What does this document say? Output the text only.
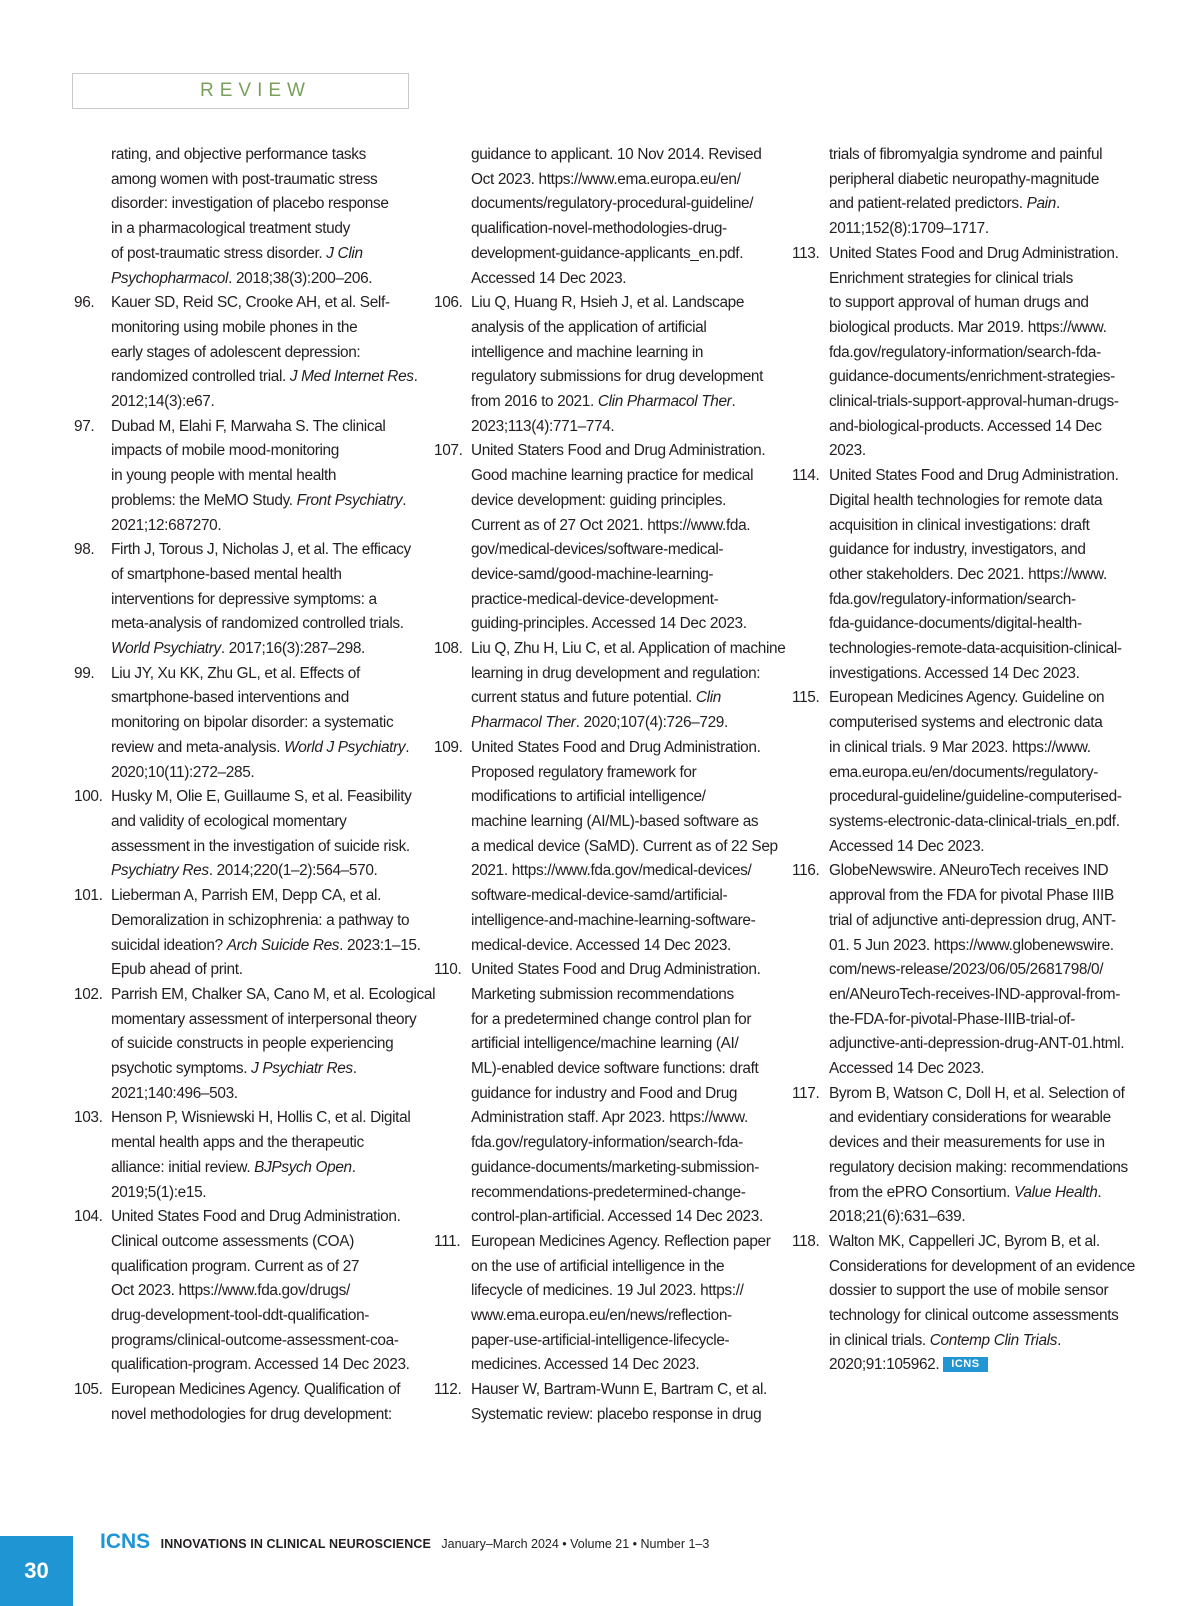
REVIEW
rating, and objective performance tasks
among women with post-traumatic stress
disorder: investigation of placebo response
in a pharmacological treatment study
of post-traumatic stress disorder. J Clin
Psychopharmacol. 2018;38(3):200–206.
96. Kauer SD, Reid SC, Crooke AH, et al. Self-
monitoring using mobile phones in the
early stages of adolescent depression:
randomized controlled trial. J Med Internet Res.
2012;14(3):e67.
97. Dubad M, Elahi F, Marwaha S. The clinical
impacts of mobile mood-monitoring
in young people with mental health
problems: the MeMO Study. Front Psychiatry.
2021;12:687270.
98. Firth J, Torous J, Nicholas J, et al. The efficacy
of smartphone-based mental health
interventions for depressive symptoms: a
meta-analysis of randomized controlled trials.
World Psychiatry. 2017;16(3):287–298.
99. Liu JY, Xu KK, Zhu GL, et al. Effects of
smartphone-based interventions and
monitoring on bipolar disorder: a systematic
review and meta-analysis. World J Psychiatry.
2020;10(11):272–285.
100. Husky M, Olie E, Guillaume S, et al. Feasibility
and validity of ecological momentary
assessment in the investigation of suicide risk.
Psychiatry Res. 2014;220(1–2):564–570.
101. Lieberman A, Parrish EM, Depp CA, et al.
Demoralization in schizophrenia: a pathway to
suicidal ideation? Arch Suicide Res. 2023:1–15.
Epub ahead of print.
102. Parrish EM, Chalker SA, Cano M, et al. Ecological
momentary assessment of interpersonal theory
of suicide constructs in people experiencing
psychotic symptoms. J Psychiatr Res.
2021;140:496–503.
103. Henson P, Wisniewski H, Hollis C, et al. Digital
mental health apps and the therapeutic
alliance: initial review. BJPsych Open.
2019;5(1):e15.
104. United States Food and Drug Administration.
Clinical outcome assessments (COA)
qualification program. Current as of 27
Oct 2023. https://www.fda.gov/drugs/
drug-development-tool-ddt-qualification-
programs/clinical-outcome-assessment-coa-
qualification-program. Accessed 14 Dec 2023.
105. European Medicines Agency. Qualification of
novel methodologies for drug development:
guidance to applicant. 10 Nov 2014. Revised
Oct 2023. https://www.ema.europa.eu/en/
documents/regulatory-procedural-guideline/
qualification-novel-methodologies-drug-
development-guidance-applicants_en.pdf.
Accessed 14 Dec 2023.
106. Liu Q, Huang R, Hsieh J, et al. Landscape
analysis of the application of artificial
intelligence and machine learning in
regulatory submissions for drug development
from 2016 to 2021. Clin Pharmacol Ther.
2023;113(4):771–774.
107. United Staters Food and Drug Administration.
Good machine learning practice for medical
device development: guiding principles.
Current as of 27 Oct 2021. https://www.fda.
gov/medical-devices/software-medical-
device-samd/good-machine-learning-
practice-medical-device-development-
guiding-principles. Accessed 14 Dec 2023.
108. Liu Q, Zhu H, Liu C, et al. Application of machine
learning in drug development and regulation:
current status and future potential. Clin
Pharmacol Ther. 2020;107(4):726–729.
109. United States Food and Drug Administration.
Proposed regulatory framework for
modifications to artificial intelligence/
machine learning (AI/ML)-based software as
a medical device (SaMD). Current as of 22 Sep
2021. https://www.fda.gov/medical-devices/
software-medical-device-samd/artificial-
intelligence-and-machine-learning-software-
medical-device. Accessed 14 Dec 2023.
110. United States Food and Drug Administration.
Marketing submission recommendations
for a predetermined change control plan for
artificial intelligence/machine learning (AI/
ML)-enabled device software functions: draft
guidance for industry and Food and Drug
Administration staff. Apr 2023. https://www.
fda.gov/regulatory-information/search-fda-
guidance-documents/marketing-submission-
recommendations-predetermined-change-
control-plan-artificial. Accessed 14 Dec 2023.
111. European Medicines Agency. Reflection paper
on the use of artificial intelligence in the
lifecycle of medicines. 19 Jul 2023. https://
www.ema.europa.eu/en/news/reflection-
paper-use-artificial-intelligence-lifecycle-
medicines. Accessed 14 Dec 2023.
112. Hauser W, Bartram-Wunn E, Bartram C, et al.
Systematic review: placebo response in drug
trials of fibromyalgia syndrome and painful
peripheral diabetic neuropathy-magnitude
and patient-related predictors. Pain.
2011;152(8):1709–1717.
113. United States Food and Drug Administration.
Enrichment strategies for clinical trials
to support approval of human drugs and
biological products. Mar 2019. https://www.
fda.gov/regulatory-information/search-fda-
guidance-documents/enrichment-strategies-
clinical-trials-support-approval-human-drugs-
and-biological-products. Accessed 14 Dec
2023.
114. United States Food and Drug Administration.
Digital health technologies for remote data
acquisition in clinical investigations: draft
guidance for industry, investigators, and
other stakeholders. Dec 2021. https://www.
fda.gov/regulatory-information/search-
fda-guidance-documents/digital-health-
technologies-remote-data-acquisition-clinical-
investigations. Accessed 14 Dec 2023.
115. European Medicines Agency. Guideline on
computerised systems and electronic data
in clinical trials. 9 Mar 2023. https://www.
ema.europa.eu/en/documents/regulatory-
procedural-guideline/guideline-computerised-
systems-electronic-data-clinical-trials_en.pdf.
Accessed 14 Dec 2023.
116. GlobeNewswire. ANeuroTech receives IND
approval from the FDA for pivotal Phase IIIB
trial of adjunctive anti-depression drug, ANT-
01. 5 Jun 2023. https://www.globenewswire.
com/news-release/2023/06/05/2681798/0/
en/ANeuroTech-receives-IND-approval-from-
the-FDA-for-pivotal-Phase-IIIB-trial-of-
adjunctive-anti-depression-drug-ANT-01.html.
Accessed 14 Dec 2023.
117. Byrom B, Watson C, Doll H, et al. Selection of
and evidentiary considerations for wearable
devices and their measurements for use in
regulatory decision making: recommendations
from the ePRO Consortium. Value Health.
2018;21(6):631–639.
118. Walton MK, Cappelleri JC, Byrom B, et al.
Considerations for development of an evidence
dossier to support the use of mobile sensor
technology for clinical outcome assessments
in clinical trials. Contemp Clin Trials.
2020;91:105962. ICNS
30
ICNS INNOVATIONS IN CLINICAL NEUROSCIENCE January–March 2024 • Volume 21 • Number 1–3
